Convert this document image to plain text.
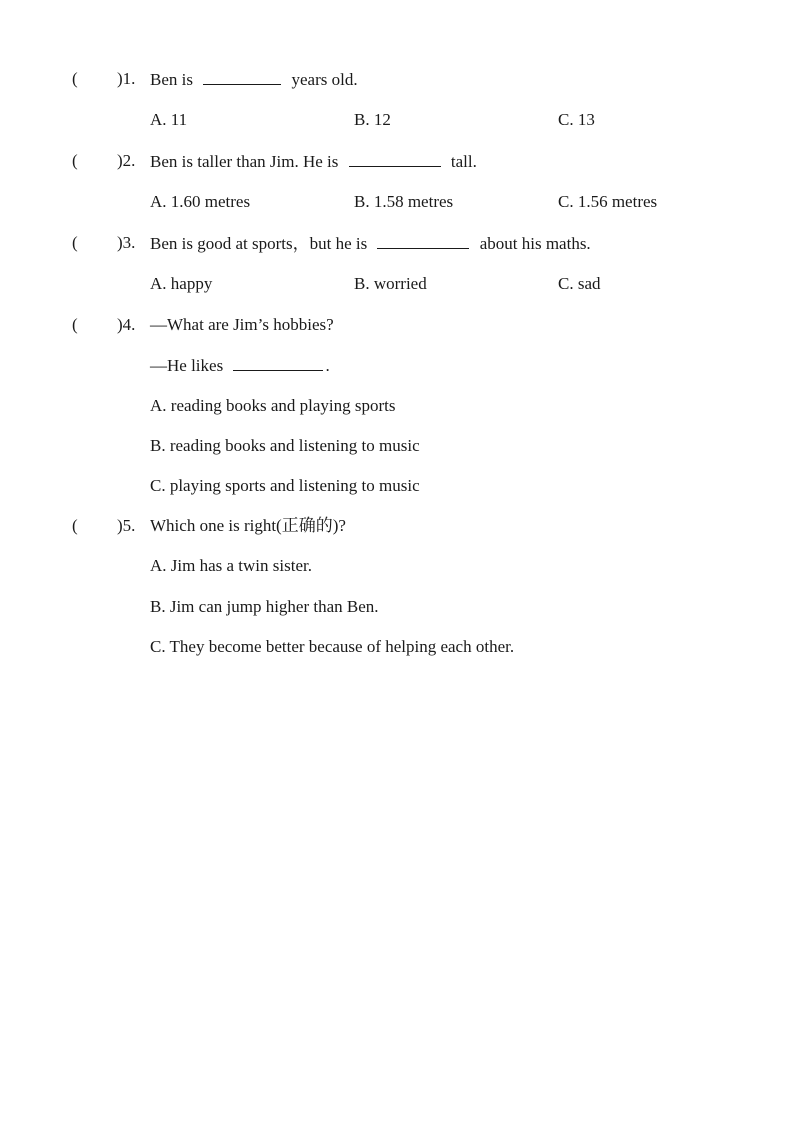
( )1. Ben is	years old.
A. 11	B. 12	C. 13
( )2. Ben is taller than Jim. He is	tall.
A. 1.60 metres	B. 1.58 metres	C. 1.56 metres
( )3. Ben is good at sports，but he is	about his maths.
A. happy	B. worried	C. sad
( )4. —What are Jim’s hobbies?
—He likes	.
A. reading books and playing sports
B. reading books and listening to music
C. playing sports and listening to music
( )5. Which one is right(正确的)?
A. Jim has a twin sister.
B. Jim can jump higher than Ben.
C. They become better because of helping each other.
